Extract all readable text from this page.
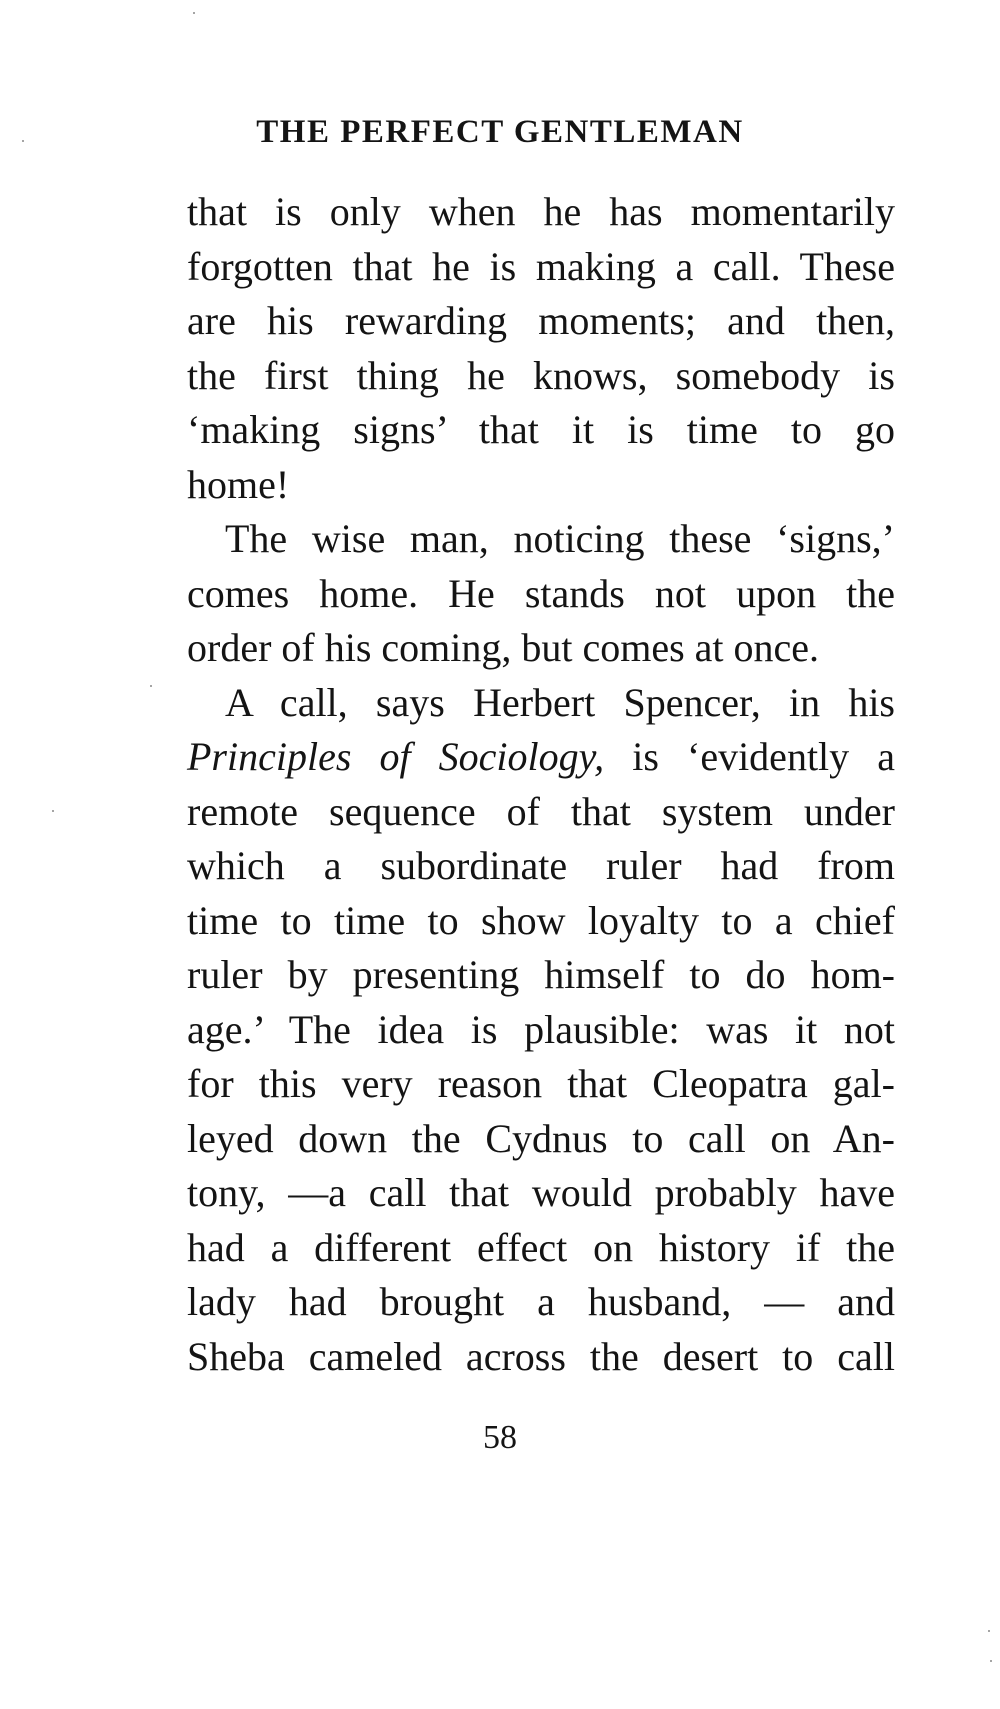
THE PERFECT GENTLEMAN
that is only when he has momentarily
forgotten that he is making a call. These
are his rewarding moments; and then,
the first thing he knows, somebody is
‘making signs’ that it is time to go
home!
The wise man, noticing these ‘signs,’
comes home. He stands not upon the
order of his coming, but comes at once.
A call, says Herbert Spencer, in his
Principles of Sociology, is ‘evidently a
remote sequence of that system under
which a subordinate ruler had from
time to time to show loyalty to a chief
ruler by presenting himself to do hom-
age.’ The idea is plausible: was it not
for this very reason that Cleopatra gal-
leyed down the Cydnus to call on An-
tony, —a call that would probably have
had a different effect on history if the
lady had brought a husband, — and
Sheba cameled across the desert to call
58
